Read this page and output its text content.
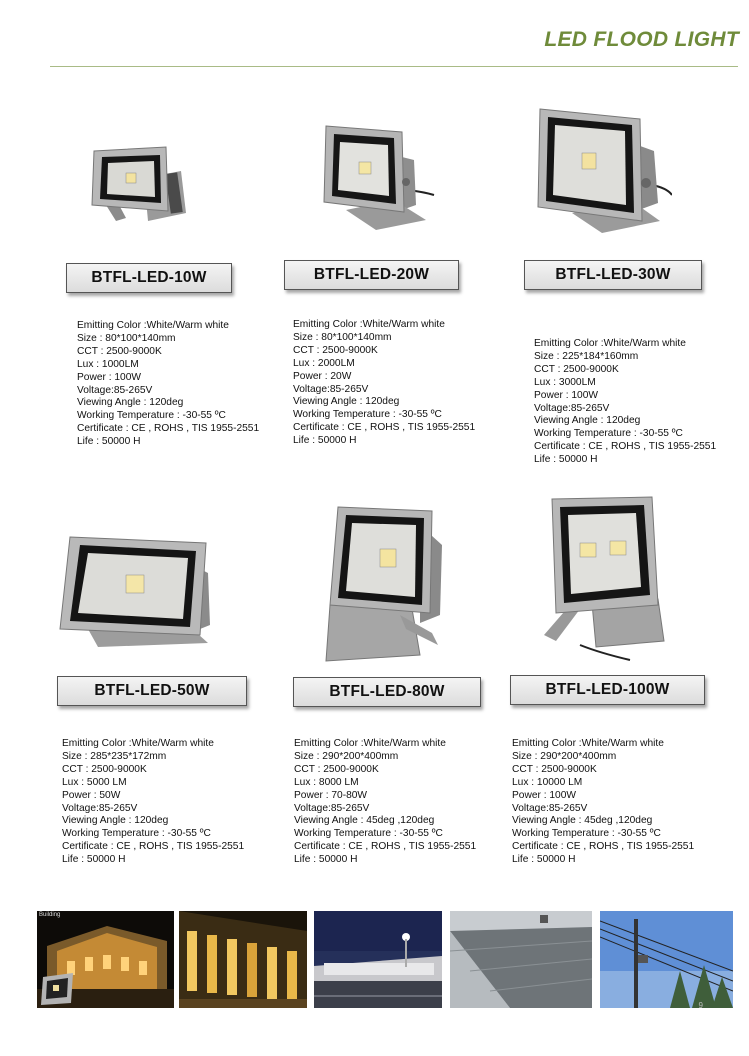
LED FLOOD LIGHT
BTFL-LED-10W
Emitting Color :White/Warm white
Size : 80*100*140mm
CCT : 2500-9000K
Lux : 1000LM
Power : 100W
Voltage:85-265V
Viewing Angle : 120deg
Working Temperature : -30-55 ºC
Certificate : CE , ROHS , TIS 1955-2551
Life : 50000 H
BTFL-LED-20W
Emitting Color :White/Warm white
Size : 80*100*140mm
CCT : 2500-9000K
Lux : 2000LM
Power : 20W
Voltage:85-265V
Viewing Angle : 120deg
Working Temperature : -30-55 ºC
Certificate : CE , ROHS , TIS 1955-2551
Life : 50000 H
BTFL-LED-30W
Emitting Color :White/Warm white
Size : 225*184*160mm
CCT : 2500-9000K
Lux : 3000LM
Power : 100W
Voltage:85-265V
Viewing Angle : 120deg
Working Temperature : -30-55 ºC
Certificate : CE , ROHS , TIS 1955-2551
Life : 50000 H
BTFL-LED-50W
Emitting Color :White/Warm white
Size : 285*235*172mm
CCT : 2500-9000K
Lux : 5000 LM
Power : 50W
Voltage:85-265V
Viewing Angle : 120deg
Working Temperature : -30-55 ºC
Certificate : CE , ROHS , TIS 1955-2551
Life : 50000 H
BTFL-LED-80W
Emitting Color :White/Warm white
Size : 290*200*400mm
CCT : 2500-9000K
Lux : 8000 LM
Power : 70-80W
Voltage:85-265V
Viewing Angle : 45deg ,120deg
Working Temperature : -30-55 ºC
Certificate : CE , ROHS , TIS 1955-2551
Life : 50000 H
BTFL-LED-100W
Emitting Color :White/Warm white
Size : 290*200*400mm
CCT : 2500-9000K
Lux : 10000 LM
Power : 100W
Voltage:85-265V
Viewing Angle : 45deg ,120deg
Working Temperature : -30-55 ºC
Certificate : CE , ROHS , TIS 1955-2551
Life : 50000 H
Building
9
